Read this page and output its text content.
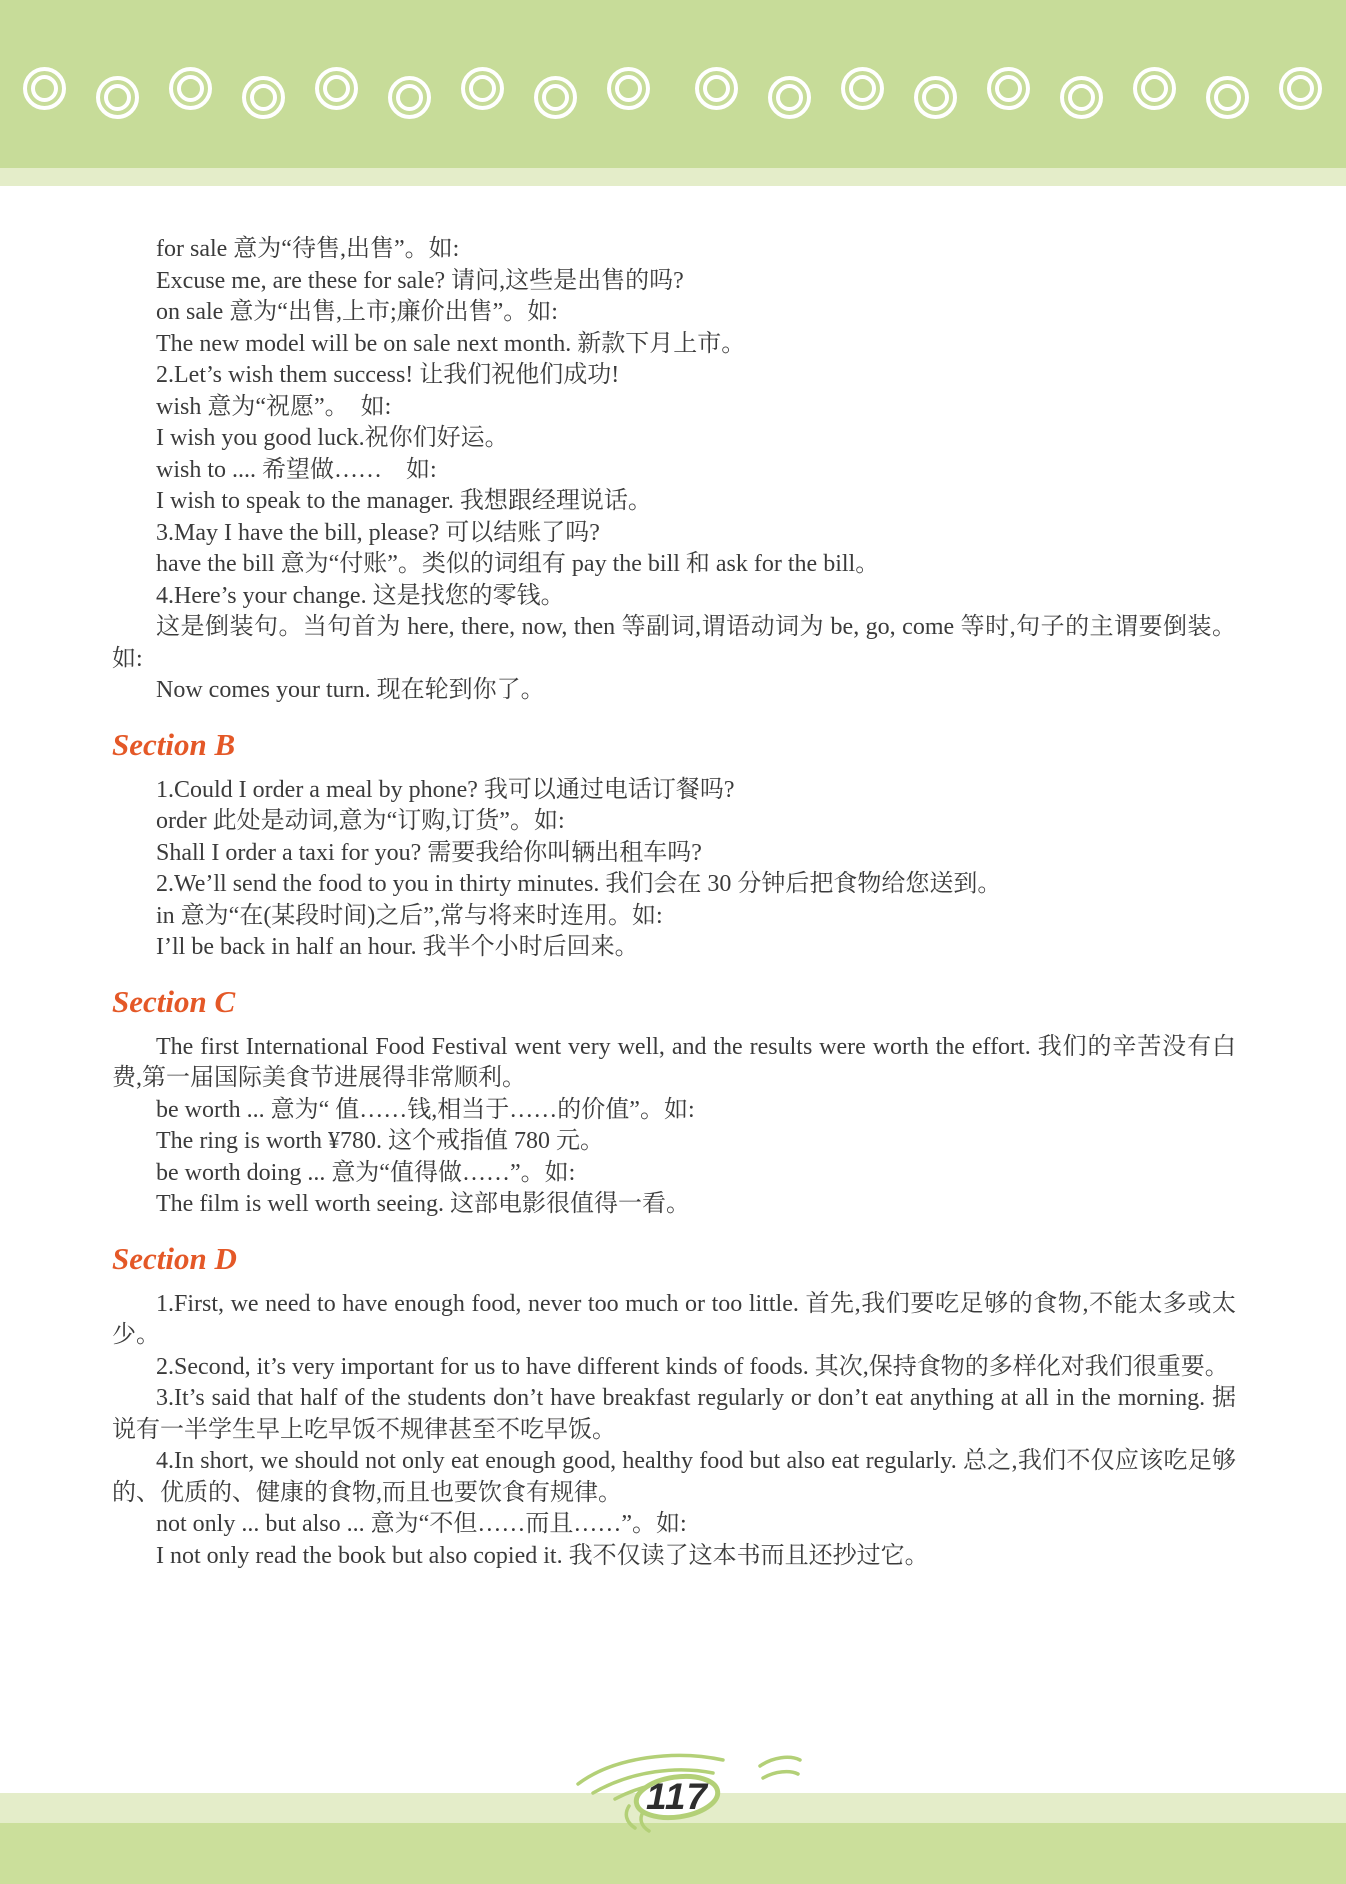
for sale 意为“待售,出售”。如:

Excuse me, are these for sale? 请问,这些是出售的吗?

on sale 意为“出售,上市;廉价出售”。如:

The new model will be on sale next month. 新款下月上市。

2.Let’s wish them success! 让我们祝他们成功!

wish 意为“祝愿”。　如:

I wish you good luck.祝你们好运。

wish to .... 希望做……　如:

I wish to speak to the manager. 我想跟经理说话。

3.May I have the bill, please? 可以结账了吗?

have the bill 意为“付账”。类似的词组有 pay the bill 和 ask for the bill。

4.Here’s your change. 这是找您的零钱。

这是倒装句。当句首为 here, there, now, then 等副词,谓语动词为 be, go, come 等时,句子的主谓要倒装。如:

Now comes your turn. 现在轮到你了。

Section B

1.Could I order a meal by phone? 我可以通过电话订餐吗?

order 此处是动词,意为“订购,订货”。如:

Shall I order a taxi for you? 需要我给你叫辆出租车吗?

2.We’ll send the food to you in thirty minutes. 我们会在 30 分钟后把食物给您送到。

in 意为“在(某段时间)之后”,常与将来时连用。如:

I’ll be back in half an hour. 我半个小时后回来。

Section C

The first International Food Festival went very well, and the results were worth the effort. 我们的辛苦没有白费,第一届国际美食节进展得非常顺利。

be worth ... 意为“ 值……钱,相当于……的价值”。如:

The ring is worth ¥780. 这个戒指值 780 元。

be worth doing ... 意为“值得做……”。如:

The film is well worth seeing. 这部电影很值得一看。

Section D

1.First, we need to have enough food, never too much or too little. 首先,我们要吃足够的食物,不能太多或太少。

2.Second, it’s very important for us to have different kinds of foods. 其次,保持食物的多样化对我们很重要。

3.It’s said that half of the students don’t have breakfast regularly or don’t eat anything at all in the morning. 据说有一半学生早上吃早饭不规律甚至不吃早饭。

4.In short, we should not only eat enough good, healthy food but also eat regularly. 总之,我们不仅应该吃足够的、优质的、健康的食物,而且也要饮食有规律。

not only ... but also ... 意为“不但……而且……”。如:

I not only read the book but also copied it. 我不仅读了这本书而且还抄过它。

117
